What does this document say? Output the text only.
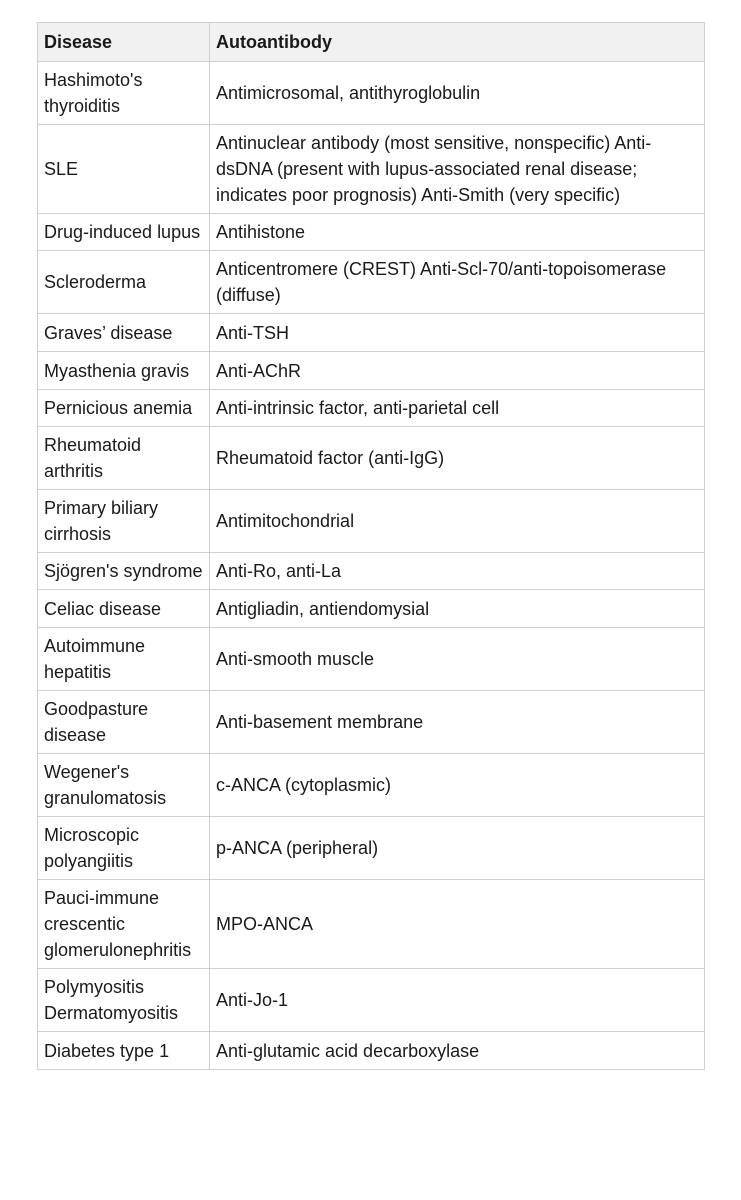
Disease	Autoantibody
Hashimoto's thyroiditis	Antimicrosomal, antithyroglobulin
SLE	Antinuclear antibody (most sensitive, nonspecific) Anti-dsDNA (present with lupus-associated renal disease; indicates poor prognosis) Anti-Smith (very specific)
Drug-induced lupus	Antihistone
Scleroderma	Anticentromere (CREST) Anti-Scl-70/anti-topoisomerase (diffuse)
Graves’ disease	Anti-TSH
Myasthenia gravis	Anti-AChR
Pernicious anemia	Anti-intrinsic factor, anti-parietal cell
Rheumatoid arthritis	Rheumatoid factor (anti-IgG)
Primary biliary cirrhosis	Antimitochondrial
Sjögren's syndrome	Anti-Ro, anti-La
Celiac disease	Antigliadin, antiendomysial
Autoimmune hepatitis	Anti-smooth muscle
Goodpasture disease	Anti-basement membrane
Wegener's granulomatosis	c-ANCA (cytoplasmic)
Microscopic polyangiitis	p-ANCA (peripheral)
Pauci-immune crescentic glomerulonephritis	MPO-ANCA
Polymyositis Dermatomyositis	Anti-Jo-1
Diabetes type 1	Anti-glutamic acid decarboxylase
